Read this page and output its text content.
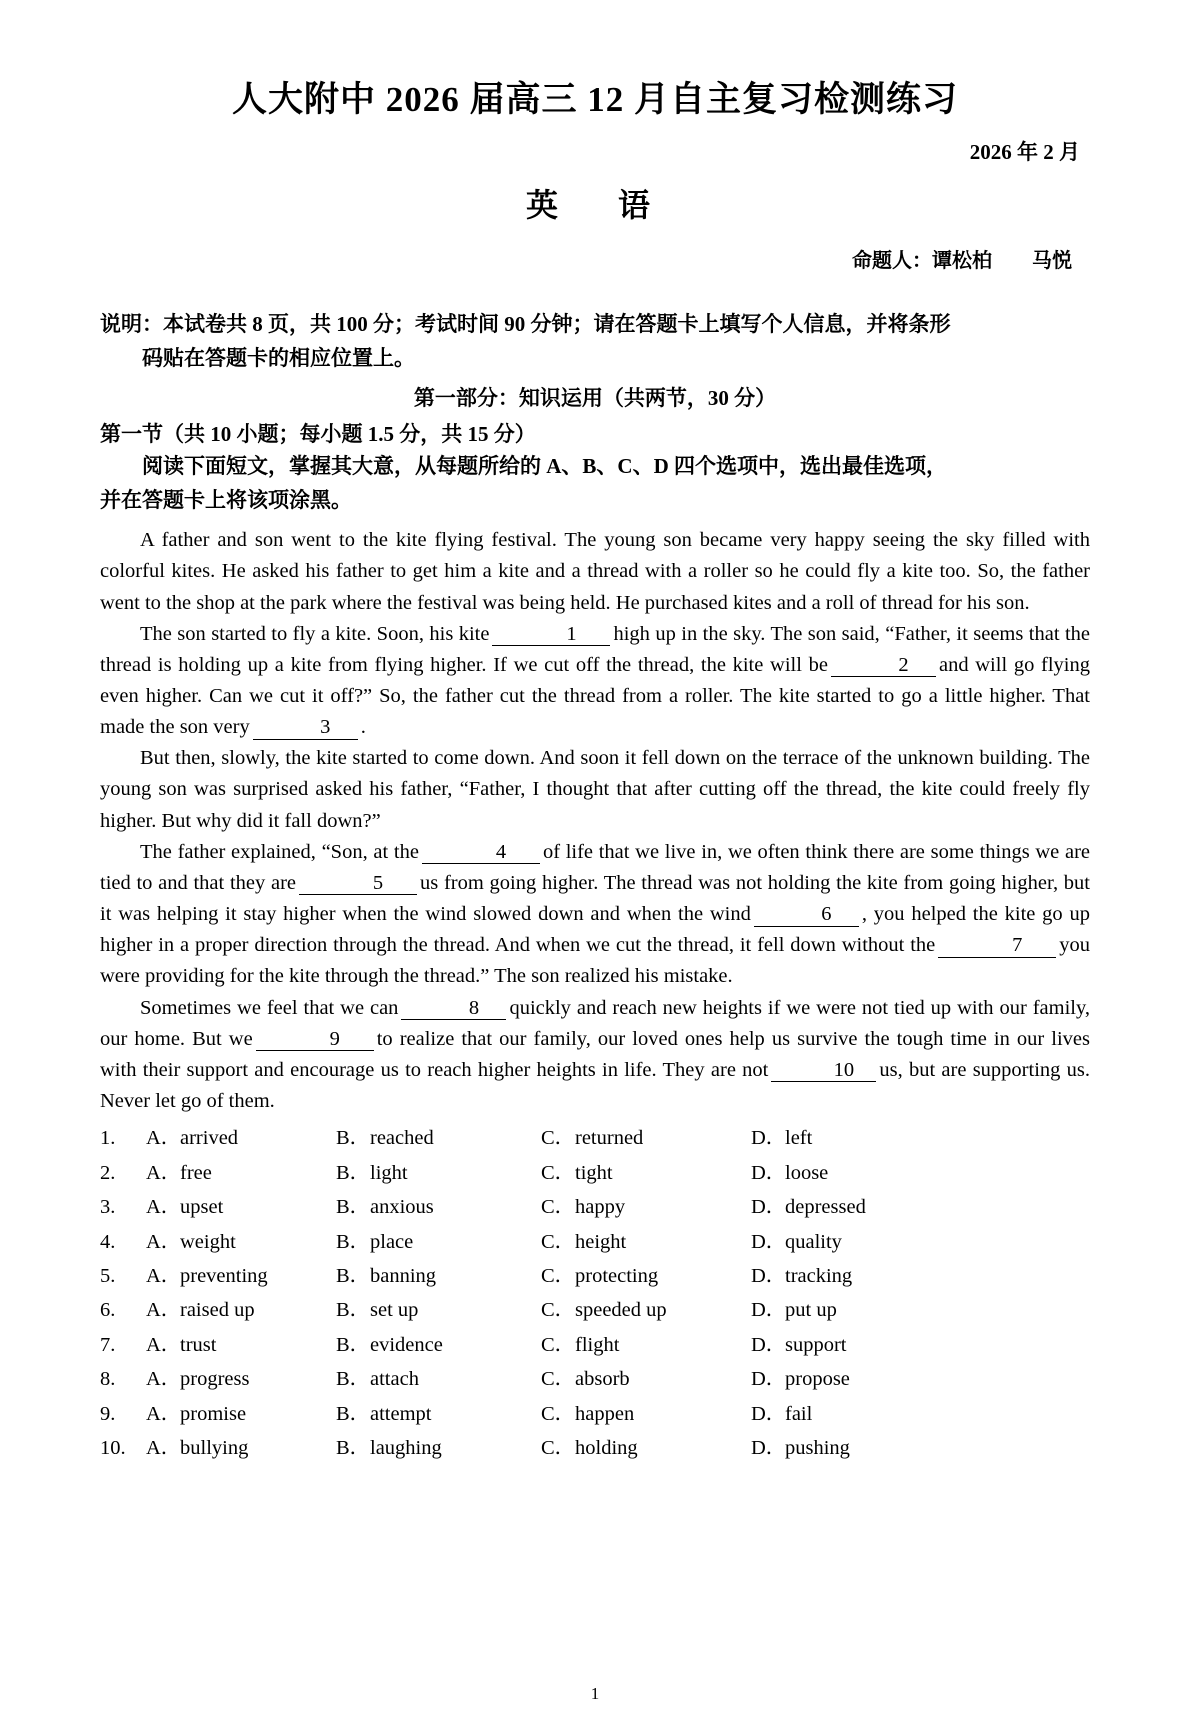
人大附中 2026 届高三 12 月自主复习检测练习
2026 年 2 月
英　语
命题人：谭松柏　　马悦
说明：本试卷共 8 页，共 100 分；考试时间 90 分钟；请在答题卡上填写个人信息，并将条形
码贴在答题卡的相应位置上。
第一部分：知识运用（共两节，30 分）
第一节（共 10 小题；每小题 1.5 分，共 15 分）
阅读下面短文，掌握其大意，从每题所给的 A、B、C、D 四个选项中，选出最佳选项，
并在答题卡上将该项涂黑。

A father and son went to the kite flying festival. The young son became very happy seeing the sky filled with colorful kites. He asked his father to get him a kite and a thread with a roller so he could fly a kite too. So, the father went to the shop at the park where the festival was being held. He purchased kites and a roll of thread for his son.

The son started to fly a kite. Soon, his kite	1 high up in the sky. The son said, “Father, it seems that the thread is holding up a kite from flying higher. If we cut off the thread, the kite will be	2 and will go flying even higher. Can we cut it off?” So, the father cut the thread from a roller. The kite started to go a little higher. That made the son very	3 .

But then, slowly, the kite started to come down. And soon it fell down on the terrace of the unknown building. The young son was surprised asked his father, “Father, I thought that after cutting off the thread, the kite could freely fly higher. But why did it fall down?”

The father explained, “Son, at the	4 of life that we live in, we often think there are some things we are tied to and that they are	5 us from going higher. The thread was not holding the kite from going higher, but it was helping it stay higher when the wind slowed down and when the wind	6 , you helped the kite go up higher in a proper direction through the thread. And when we cut the thread, it fell down without the	7 you were providing for the kite through the thread.” The son realized his mistake.

Sometimes we feel that we can	8 quickly and reach new heights if we were not tied up with our family, our home. But we	9 to realize that our family, our loved ones help us survive the tough time in our lives with their support and encourage us to reach higher heights in life. They are not	10 us, but are supporting us. Never let go of them.

1.	A．arrived	B．reached	C．returned	D．left
2.	A．free	B．light	C．tight	D．loose
3.	A．upset	B．anxious	C．happy	D．depressed
4.	A．weight	B．place	C．height	D．quality
5.	A．preventing	B．banning	C．protecting	D．tracking
6.	A．raised up	B．set up	C．speeded up	D．put up
7.	A．trust	B．evidence	C．flight	D．support
8.	A．progress	B．attach	C．absorb	D．propose
9.	A．promise	B．attempt	C．happen	D．fail
10. A．bullying	B．laughing	C．holding	D．pushing
1
